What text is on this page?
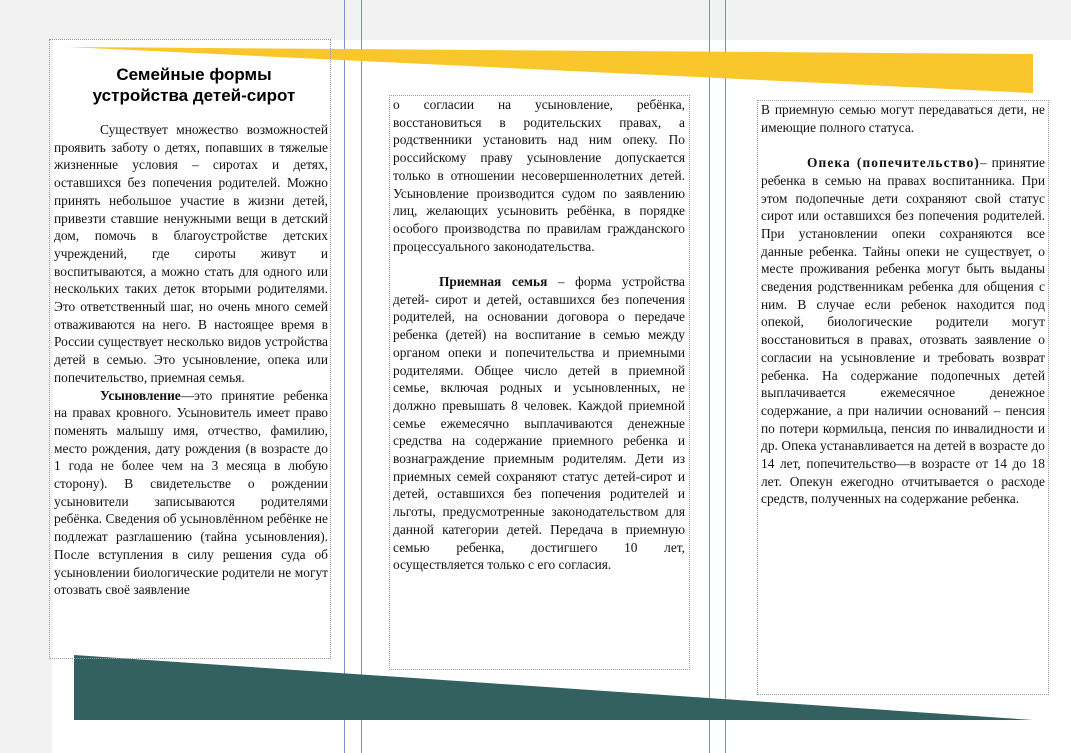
Семейные формы
устройства детей-сирот

Существует множество возможностей проявить заботу о детях, попавших в тяжелые жизненные условия – сиротах и детях, оставшихся без попечения родителей. Можно принять небольшое участие в жизни детей, привезти ставшие ненужными вещи в детский дом, помочь в благоустройстве детских учреждений, где сироты живут и воспитываются, а можно стать для одного или нескольких таких деток вторыми родителями. Это ответственный шаг, но очень много семей отваживаются на него. В настоящее время в России существует несколько видов устройства детей в семью. Это усыновление, опека или попечительство, приемная семья.

Усыновление—это принятие ребенка на правах кровного. Усыновитель имеет право поменять малышу имя, отчество, фамилию, место рождения, дату рождения (в возрасте до 1 года не более чем на 3 месяца в любую сторону). В свидетельстве о рождении усыновители записываются родителями ребёнка. Сведения об усыновлённом ребёнке не подлежат разглашению (тайна усыновления). После вступления в силу решения суда об усыновлении биологические родители не могут отозвать своё заявление

о согласии на усыновление, ребёнка, восстановиться в родительских правах, а родственники установить над ним опеку. По российскому праву усыновление допускается только в отношении несовершеннолетних детей. Усыновление производится судом по заявлению лиц, желающих усыновить ребёнка, в порядке особого производства по правилам гражданского процессуального законодательства.

Приемная семья – форма устройства детей- сирот и детей, оставшихся без попечения родителей, на основании договора о передаче ребенка (детей) на воспитание в семью между органом опеки и попечительства и приемными родителями. Общее число детей в приемной семье, включая родных и усыновленных, не должно превышать 8 человек. Каждой приемной семье ежемесячно выплачиваются денежные средства на содержание приемного ребенка и вознаграждение приемным родителям. Дети из приемных семей сохраняют статус детей-сирот и детей, оставшихся без попечения родителей и льготы, предусмотренные законодательством для данной категории детей. Передача в приемную семью ребенка, достигшего 10 лет, осуществляется только с его согласия.

В приемную семью могут передаваться дети, не имеющие полного статуса.

Опека (попечительство)– принятие ребенка в семью на правах воспитанника. При этом подопечные дети сохраняют свой статус сирот или оставшихся без попечения родителей. При установлении опеки сохраняются все данные ребенка. Тайны опеки не существует, о месте проживания ребенка могут быть выданы сведения родственникам ребенка для общения с ним. В случае если ребенок находится под опекой, биологические родители могут восстановиться в правах, отозвать заявление о согласии на усыновление и требовать возврат ребенка. На содержание подопечных детей выплачивается ежемесячное денежное содержание, а при наличии оснований – пенсия по потери кормильца, пенсия по инвалидности и др. Опека устанавливается на детей в возрасте до 14 лет, попечительство—в возрасте от 14 до 18 лет. Опекун ежегодно отчитывается о расходе средств, полученных на содержание ребенка.
